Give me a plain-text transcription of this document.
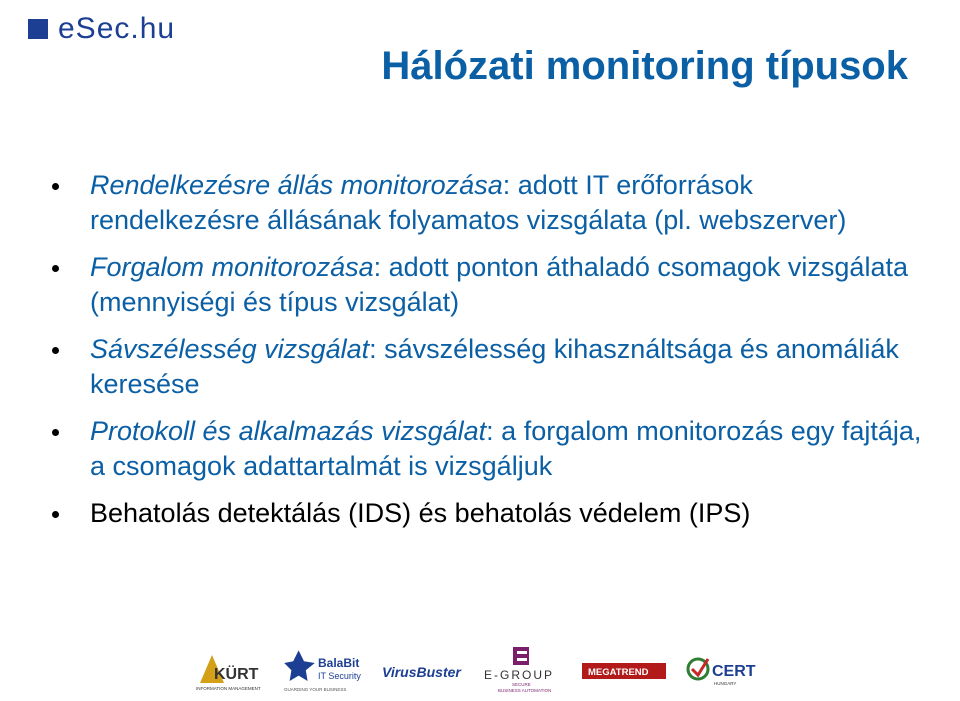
eSec.hu
Hálózati monitoring típusok
Rendelkezésre állás monitorozása: adott IT erőforrások rendelkezésre állásának folyamatos vizsgálata (pl. webszerver)
Forgalom monitorozása: adott ponton áthaladó csomagok vizsgálata (mennyiségi és típus vizsgálat)
Sávszélesség vizsgálat: sávszélesség kihasználtsága és anomáliák keresése
Protokoll és alkalmazás vizsgálat: a forgalom monitorozás egy fajtája, a csomagok adattartalmát is vizsgáljuk
Behatolás detektálás (IDS) és behatolás védelem (IPS)
KÜRT
INFORMATION MANAGEMENT
BalaBit
IT Security
GUARDING YOUR BUSINESS
VirusBuster E-GROUP
SECURE
BUSINESS AUTOMATION
MEGATREND	CERT
HUNGARY
